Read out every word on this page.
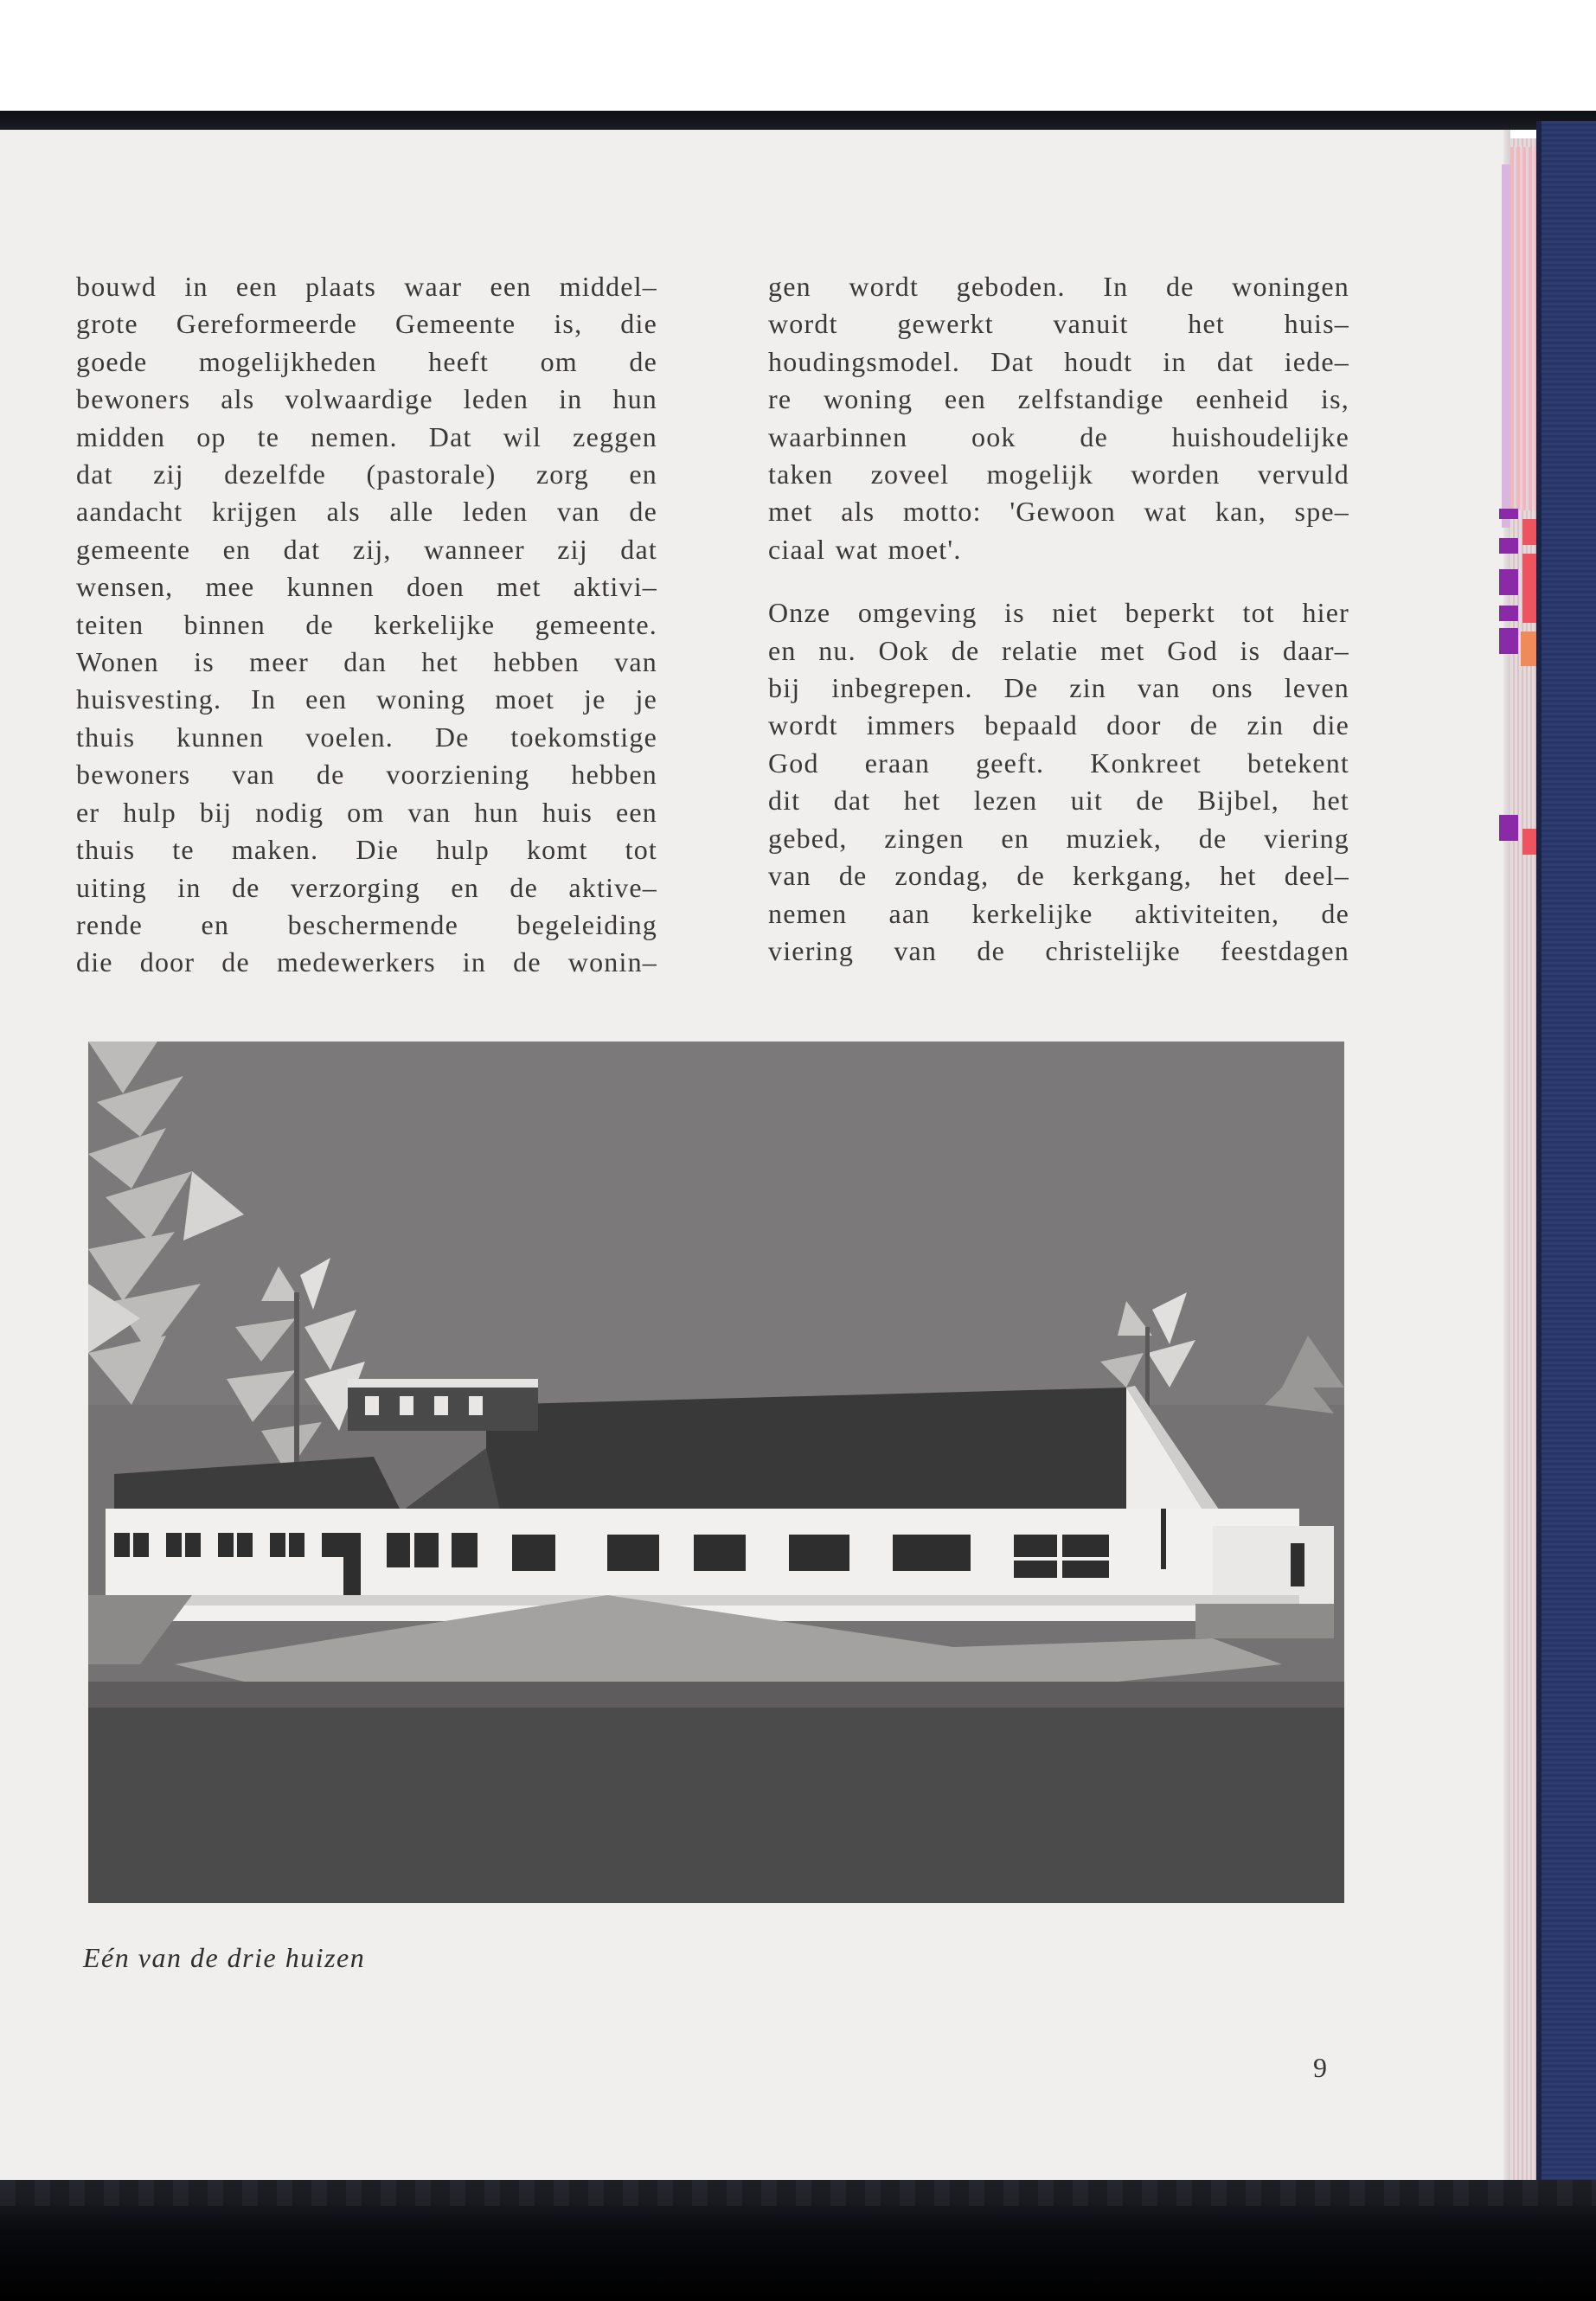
bouwd in een plaats waar een middel–

grote Gereformeerde Gemeente is, die

goede mogelijkheden heeft om de

bewoners als volwaardige leden in hun

midden op te nemen. Dat wil zeggen

dat zij dezelfde (pastorale) zorg en

aandacht krijgen als alle leden van de

gemeente en dat zij, wanneer zij dat

wensen, mee kunnen doen met aktivi–

teiten binnen de kerkelijke gemeente.

Wonen is meer dan het hebben van

huisvesting. In een woning moet je je

thuis kunnen voelen. De toekomstige

bewoners van de voorziening hebben

er hulp bij nodig om van hun huis een

thuis te maken. Die hulp komt tot

uiting in de verzorging en de aktive–

rende en beschermende begeleiding

die door de medewerkers in de wonin–

gen wordt geboden. In de woningen

wordt gewerkt vanuit het huis–

houdingsmodel. Dat houdt in dat iede–

re woning een zelfstandige eenheid is,

waarbinnen ook de huishoudelijke

taken zoveel mogelijk worden vervuld

met als motto: 'Gewoon wat kan, spe–

ciaal wat moet'.

Onze omgeving is niet beperkt tot hier

en nu. Ook de relatie met God is daar–

bij inbegrepen. De zin van ons leven

wordt immers bepaald door de zin die

God eraan geeft. Konkreet betekent

dit dat het lezen uit de Bijbel, het

gebed, zingen en muziek, de viering

van de zondag, de kerkgang, het deel–

nemen aan kerkelijke aktiviteiten, de

viering van de christelijke feestdagen

Eén van de drie huizen
9
